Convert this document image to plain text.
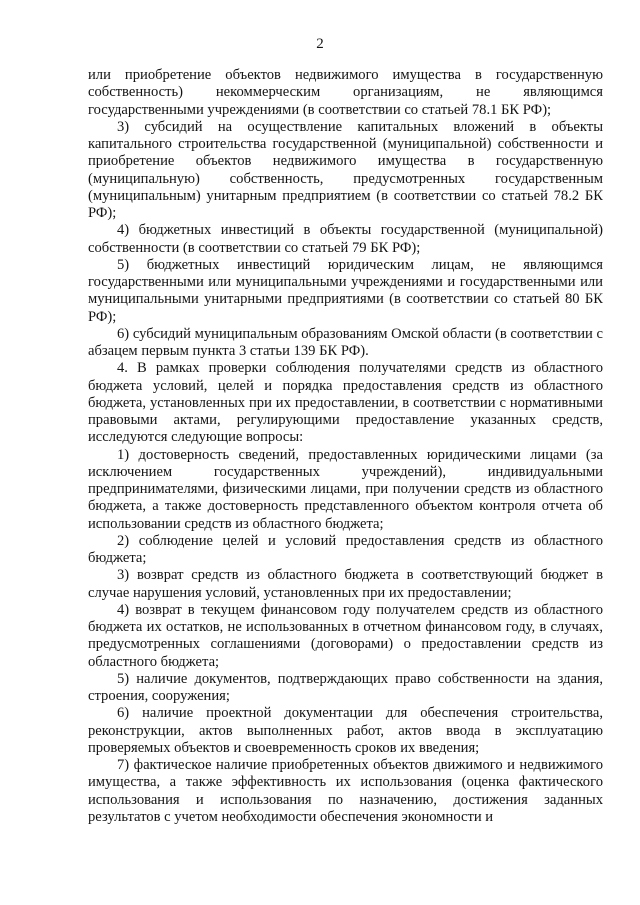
2

или приобретение объектов недвижимого имущества в государственную собственность) некоммерческим организациям, не являющимся государственными учреждениями (в соответствии со статьей 78.1 БК РФ);

3) субсидий на осуществление капитальных вложений в объекты капитального строительства государственной (муниципальной) собственности и приобретение объектов недвижимого имущества в государственную (муниципальную) собственность, предусмотренных государственным (муниципальным) унитарным предприятием (в соответствии со статьей 78.2 БК РФ);

4) бюджетных инвестиций в объекты государственной (муниципальной) собственности (в соответствии со статьей 79 БК РФ);

5) бюджетных инвестиций юридическим лицам, не являющимся государственными или муниципальными учреждениями и государственными или муниципальными унитарными предприятиями (в соответствии со статьей 80 БК РФ);

6) субсидий муниципальным образованиям Омской области (в соответствии с абзацем первым пункта 3 статьи 139 БК РФ).

4. В рамках проверки соблюдения получателями средств из областного бюджета условий, целей и порядка предоставления средств из областного бюджета, установленных при их предоставлении, в соответствии с нормативными правовыми актами, регулирующими предоставление указанных средств, исследуются следующие вопросы:

1) достоверность сведений, предоставленных юридическими лицами (за исключением государственных учреждений), индивидуальными предпринимателями, физическими лицами, при получении средств из областного бюджета, а также достоверность представленного объектом контроля отчета об использовании средств из областного бюджета;

2) соблюдение целей и условий предоставления средств из областного бюджета;

3) возврат средств из областного бюджета в соответствующий бюджет в случае нарушения условий, установленных при их предоставлении;

4) возврат в текущем финансовом году получателем средств из областного бюджета их остатков, не использованных в отчетном финансовом году, в случаях, предусмотренных соглашениями (договорами) о предоставлении средств из областного бюджета;

5) наличие документов, подтверждающих право собственности на здания, строения, сооружения;

6) наличие проектной документации для обеспечения строительства, реконструкции, актов выполненных работ, актов ввода в эксплуатацию проверяемых объектов и своевременность сроков их введения;

7) фактическое наличие приобретенных объектов движимого и недвижимого имущества, а также эффективность их использования (оценка фактического использования и использования по назначению, достижения заданных результатов с учетом необходимости обеспечения экономности и
